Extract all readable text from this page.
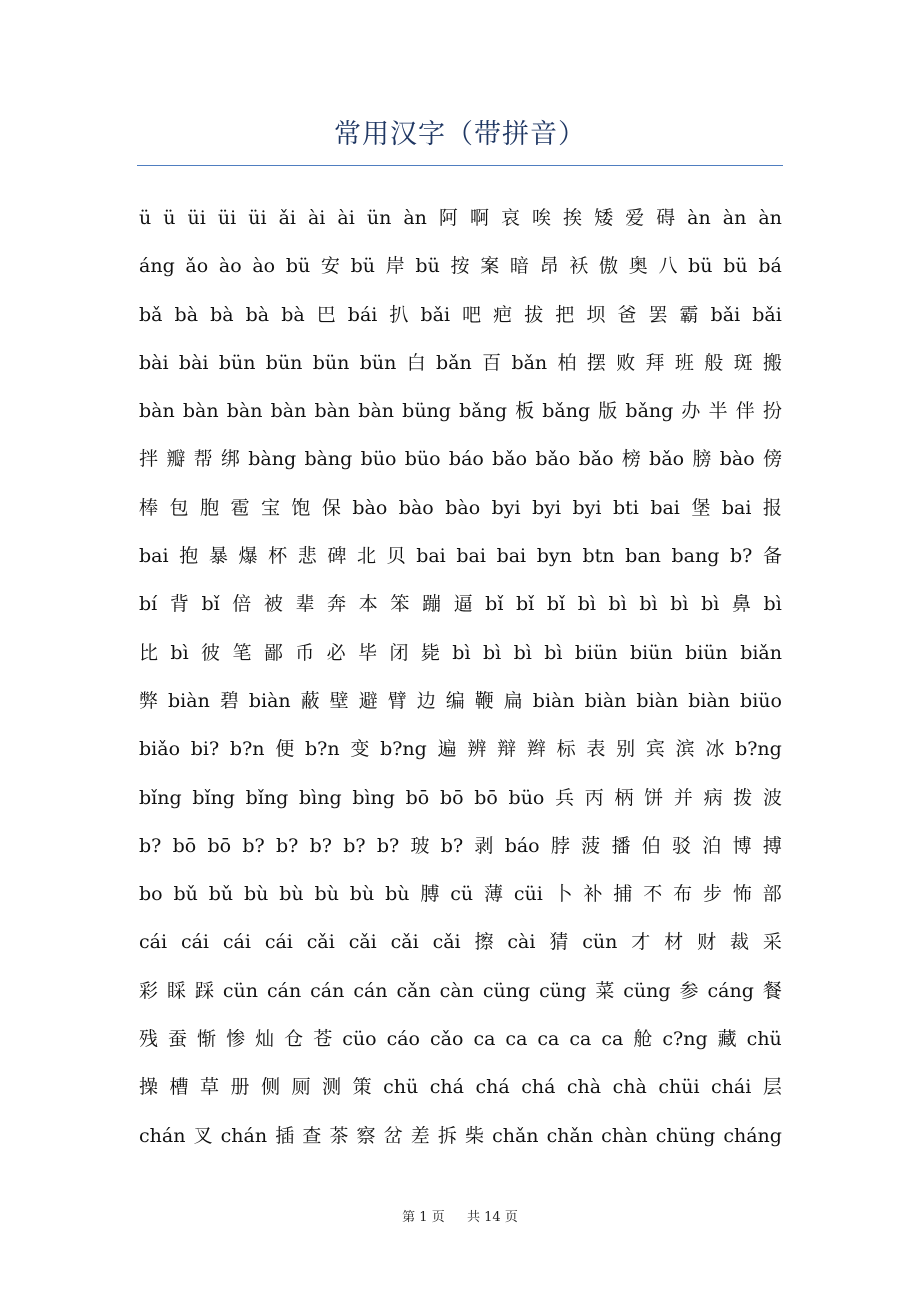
常用汉字（带拼音）
ü ü üi üi üi ǎi ài ài ün àn 阿 啊 哀 唉 挨 矮 爱 碍 àn àn àn
áng ǎo ào ào bü 安 bü 岸 bü 按 案 暗 昂 袄 傲 奥 八 bü bü bá
bǎ bà bà bà bà 巴 bái 扒 bǎi 吧 疤 拔 把 坝 爸 罢 霸 bǎi bǎi
bài bài bün bün bün bün 白 bǎn 百 bǎn 柏 摆 败 拜 班 般 斑 搬
bàn bàn bàn bàn bàn bàn büng bǎng 板 bǎng 版 bǎng 办 半 伴 扮
拌 瓣 帮 绑 bàng bàng büo büo báo bǎo bǎo bǎo 榜 bǎo 膀 bào 傍
棒 包 胞 雹 宝 饱 保 bào bào bào byi byi byi bti bai 堡 bai 报
bai 抱 暴 爆 杯 悲 碑 北 贝 bai bai bai byn btn ban bang b? 备
bí 背 bǐ 倍 被 辈 奔 本 笨 蹦 逼 bǐ bǐ bǐ bì bì bì bì bì 鼻 bì
比 bì 彼 笔 鄙 币 必 毕 闭 毙 bì bì bì bì biün biün biün biǎn
弊 biàn 碧 biàn 蔽 壁 避 臂 边 编 鞭 扁 biàn biàn biàn biàn biüo
biǎo bi? b?n 便 b?n 变 b?ng 遍 辨 辩 辫 标 表 别 宾 滨 冰 b?ng
bǐng bǐng bǐng bìng bìng bō bō bō büo 兵 丙 柄 饼 并 病 拨 波
b? bō bō b? b? b? b? b? 玻 b? 剥 báo 脖 菠 播 伯 驳 泊 博 搏
bo bǔ bǔ bù bù bù bù bù 膊 cü 薄 cüi 卜 补 捕 不 布 步 怖 部
cái cái cái cái cǎi cǎi cǎi cǎi 擦 cài 猜 cün 才 材 财 裁 采
彩 睬 踩 cün cán cán cán cǎn càn cüng cüng 菜 cüng 参 cáng 餐
残 蚕 惭 惨 灿 仓 苍 cüo cáo cǎo ca ca ca ca ca 舱 c?ng 藏 chü
操 槽 草 册 侧 厕 测 策 chü chá chá chá chà chà chüi chái 层
chán 叉 chán 插 查 茶 察 岔 差 拆 柴 chǎn chǎn chàn chüng cháng
第 1 页 共 14 页
